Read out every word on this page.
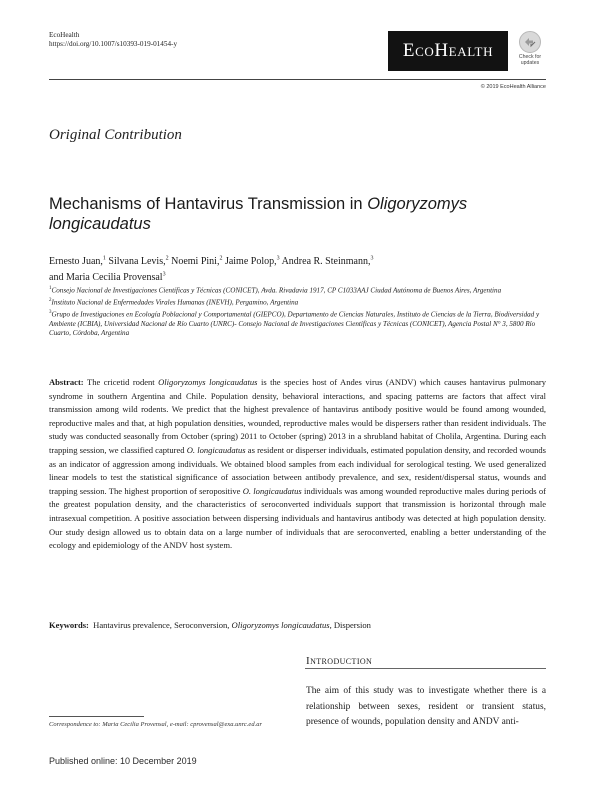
EcoHealth
https://doi.org/10.1007/s10393-019-01454-y	EcoHealth	Check for
updates
© 2019 EcoHealth Alliance
Original Contribution
Mechanisms of Hantavirus Transmission in Oligoryzomys longicaudatus
Ernesto Juan,$^1$ Silvana Levis,$^2$ Noemi Pini,$^2$ Jaime Polop,$^3$ Andrea R. Steinmann,$^3$
and Maria Cecilia Provensal$^3$
$^1$Consejo Nacional de Investigaciones Científicas y Técnicas (CONICET), Avda. Rivadavia 1917, CP C1033AAJ Ciudad Autónoma de Buenos Aires, Argentina
$^2$Instituto Nacional de Enfermedades Virales Humanas (INEVH), Pergamino, Argentina
$^3$Grupo de Investigaciones en Ecología Poblacional y Comportamental (GIEPCO), Departamento de Ciencias Naturales, Instituto de Ciencias de la Tierra, Biodiversidad y Ambiente (ICBIA), Universidad Nacional de Río Cuarto (UNRC)- Consejo Nacional de Investigaciones Científicas y Técnicas (CONICET), Agencia Postal N° 3, 5800 Río Cuarto, Córdoba, Argentina
Abstract: The cricetid rodent Oligoryzomys longicaudatus is the species host of Andes virus (ANDV) which causes hantavirus pulmonary syndrome in southern Argentina and Chile. Population density, behavioral interactions, and spacing patterns are factors that affect viral transmission among wild rodents. We predict that the highest prevalence of hantavirus antibody positive would be found among wounded, reproductive males and that, at high population densities, wounded, reproductive males would be dispersers rather than resident individuals. The study was conducted seasonally from October (spring) 2011 to October (spring) 2013 in a shrubland habitat of Cholila, Argentina. During each trapping session, we classified captured O. longicaudatus as resident or disperser individuals, estimated population density, and recorded wounds as an indicator of aggression among individuals. We obtained blood samples from each individual for serological testing. We used generalized linear models to test the statistical significance of association between antibody prevalence, and sex, resident/dispersal status, wounds and trapping session. The highest proportion of seropositive O. longicaudatus individuals was among wounded reproductive males during periods of the greatest population density, and the characteristics of seroconverted individuals support that transmission is horizontal through male intrasexual competition. A positive association between dispersing individuals and hantavirus antibody was detected at high population density. Our study design allowed us to obtain data on a large number of individuals that are seroconverted, enabling a better understanding of the ecology and epidemiology of the ANDV host system.
Keywords:  Hantavirus prevalence, Seroconversion, Oligoryzomys longicaudatus, Dispersion
Introduction
The aim of this study was to investigate whether there is a relationship between sexes, resident or transient status, presence of wounds, population density and ANDV anti-
Correspondence to: Maria Cecilia Provensal, e-mail: cprovensal@exa.unrc.ed.ar
Published online: 10 December 2019
